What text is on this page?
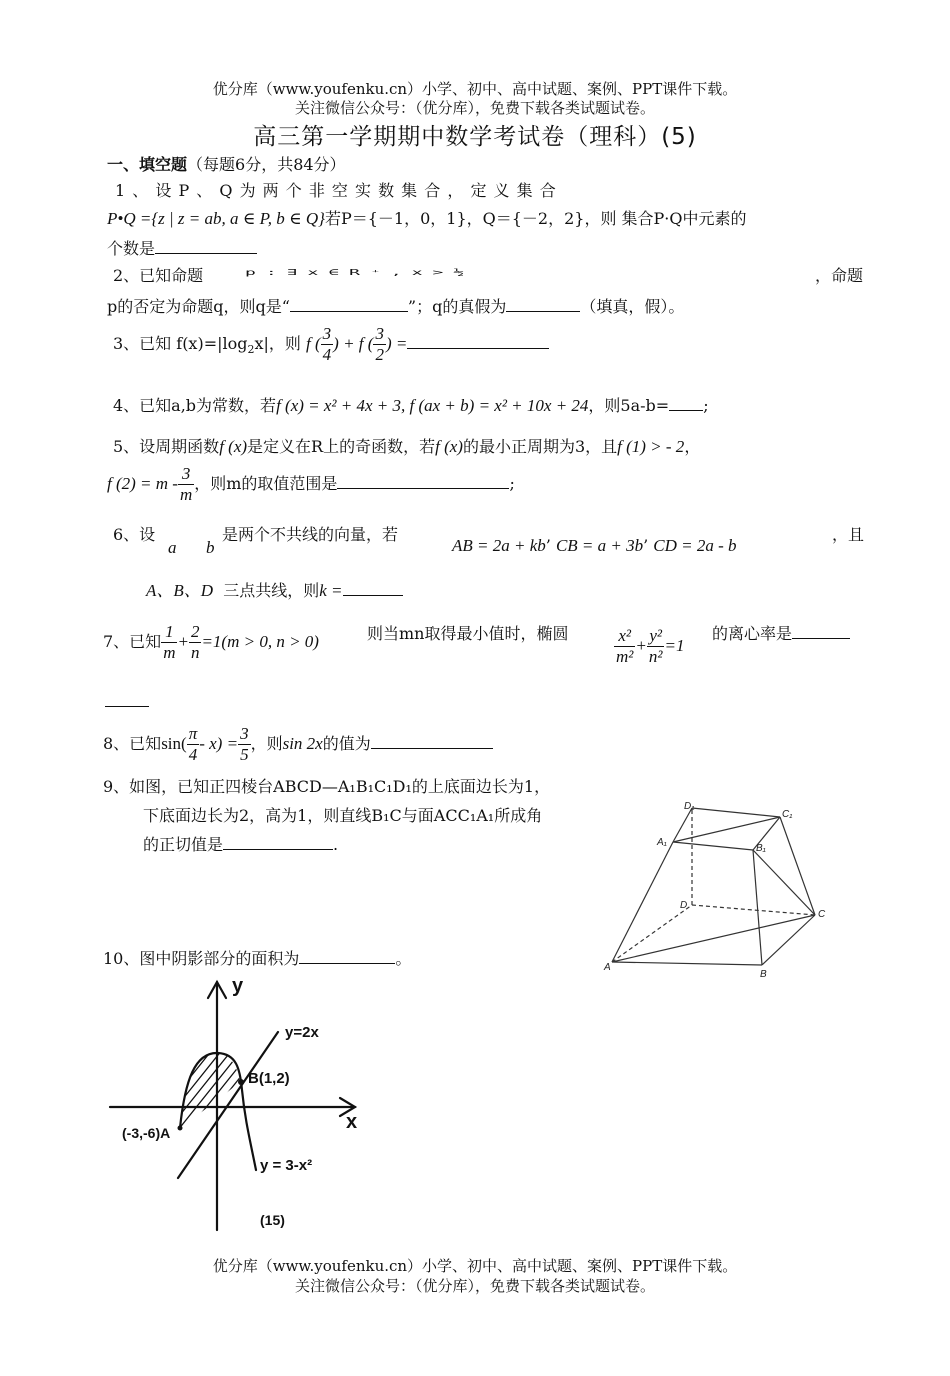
优分库（www.youfenku.cn）小学、初中、高中试题、案例、PPT课件下载。
关注微信公众号：（优分库），免费下载各类试题试卷。
高三第一学期期中数学考试卷（理科）(5)
一、填空题（每题6分，共84分）
1 、 设 P 、 Q 为 两 个 非 空 实 数 集 合 ， 定 义 集 合
P•Q ={z | z = ab, a ∈ P, b ∈ Q}若P＝{－1，0，1}，Q＝{－2，2}，则 集合P·Q中元素的
个数是
2、已知命题 p:∃x∈R⁺,x>½	，命题
p的否定为命题q，则q是“	”；q的真假为	（填真，假）。
3、已知 $f(x)=|\log_2x|$，则 f ( $\frac{3}{4}$ ) + f ( $\frac{3}{2}$ ) =
4、已知a,b为常数，若f (x) = x² + 4x + 3, f (ax + b) = x² + 10x + 24，则5a-b= ;
5、设周期函数f (x)是定义在R上的奇函数，若f (x)的最小正周期为3，且f (1) > - 2，
f $(2) = m - \frac{3}{m}$ ，则m的取值范围是	;
6、设
a b
是两个不共线的向量，若
AB = 2a + kb’ CB = a + 3b’ CD = 2a - b
，且
A、B、D 三点共线，则k =
7、已知 $\frac{1}{m} + \frac{2}{n} =1(m > 0$, n > 0)	则当mn取得最小值时，椭圆	$\frac{\text{x²}}{\text{m²}} + \frac{\text{y²}}{\text{n²}} =1$
的离心率是
8、已知$\sin( \frac{\pi}{4} - x) = \frac{3}{5}$ ，则sin 2x的值为
9、如图，已知正四棱台ABCD—A₁B₁C₁D₁的上底面边长为1，
下底面边长为2，高为1，则直线B₁C与面ACC₁A₁所成角
的正切值是	.
A
B
C
D
A₁
B₁
C₁
D₁
10、图中阴影部分的面积为	。
y
x
y=2x
B(1,2)
(-3,-6)A
y = 3-x²
(15)
优分库（www.youfenku.cn）小学、初中、高中试题、案例、PPT课件下载。
关注微信公众号：（优分库），免费下载各类试题试卷。
